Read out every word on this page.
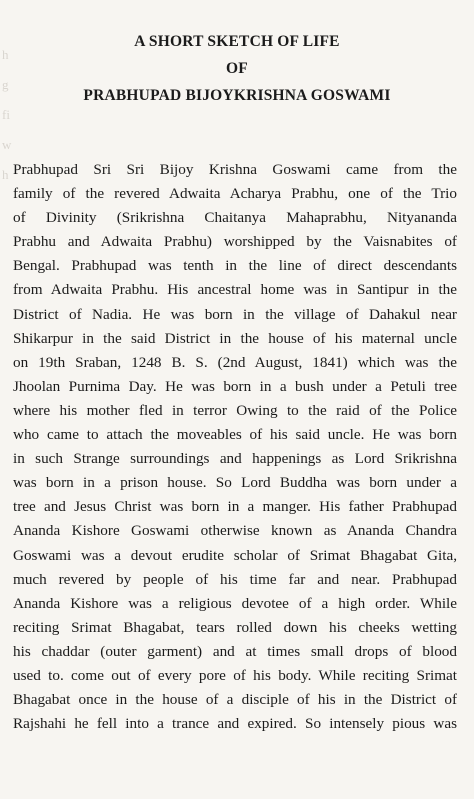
h
g
fi
w
h
A SHORT SKETCH OF LIFE
OF
PRABHUPAD BIJOYKRISHNA GOSWAMI
Prabhupad Sri Sri Bijoy Krishna Goswami came from the
family of the revered Adwaita Acharya Prabhu, one of the Trio
of Divinity (Srikrishna Chaitanya Mahaprabhu, Nityananda
Prabhu and Adwaita Prabhu) worshipped by the Vaisnabites of
Bengal. Prabhupad was tenth in the line of direct descendants
from Adwaita Prabhu. His ancestral home was in Santipur in the
District of Nadia. He was born in the village of Dahakul near
Shikarpur in the said District in the house of his maternal uncle
on 19th Sraban, 1248 B. S. (2nd August, 1841) which was the
Jhoolan Purnima Day. He was born in a bush under a Petuli tree
where his mother fled in terror Owing to the raid of the Police
who came to attach the moveables of his said uncle. He was born
in such Strange surroundings and happenings as Lord Srikrishna
was born in a prison house. So Lord Buddha was born under a
tree and Jesus Christ was born in a manger. His father Prabhupad
Ananda Kishore Goswami otherwise known as Ananda Chandra
Goswami was a devout erudite scholar of Srimat Bhagabat Gita,
much revered by people of his time far and near. Prabhupad
Ananda Kishore was a religious devotee of a high order. While
reciting Srimat Bhagabat, tears rolled down his cheeks wetting
his chaddar (outer garment) and at times small drops of blood
used to. come out of every pore of his body. While reciting Srimat
Bhagabat once in the house of a disciple of his in the District of
Rajshahi he fell into a trance and expired. So intensely pious was
